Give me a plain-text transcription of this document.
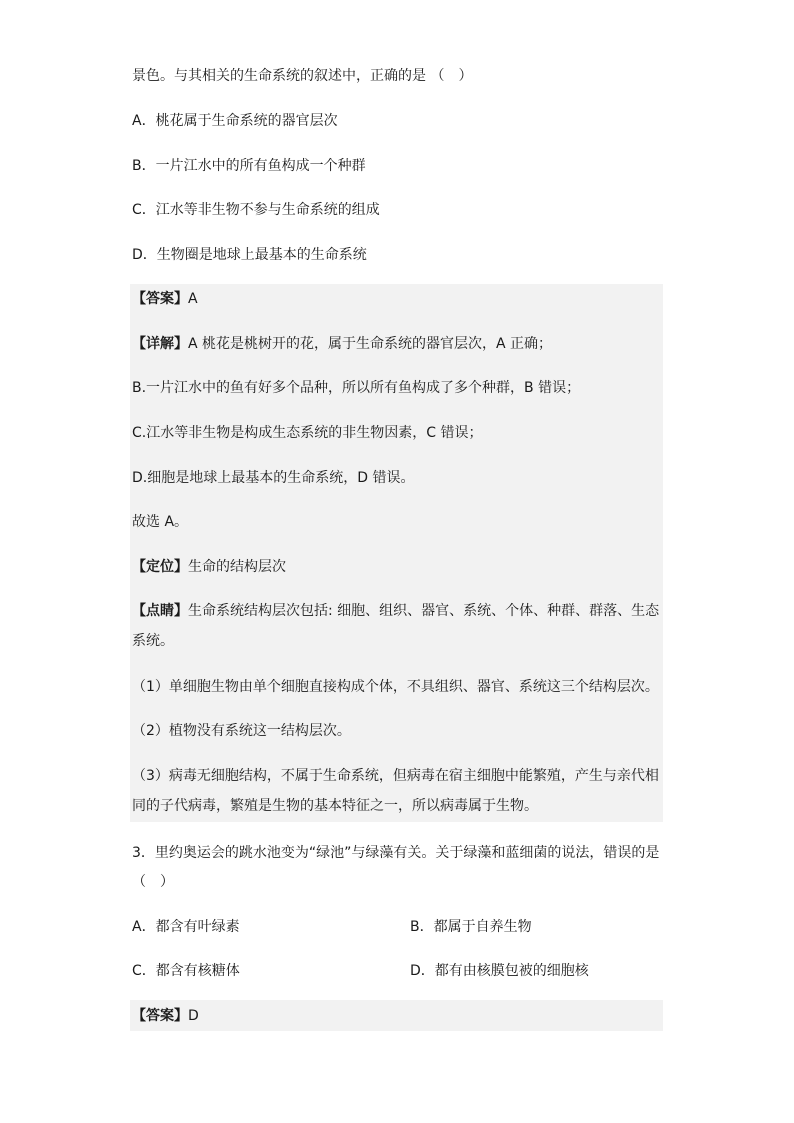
景色。与其相关的生命系统的叙述中，正确的是 （　）
A．桃花属于生命系统的器官层次
B．一片江水中的所有鱼构成一个种群
C．江水等非生物不参与生命系统的组成
D．生物圈是地球上最基本的生命系统
【答案】A
【详解】A 桃花是桃树开的花，属于生命系统的器官层次，A 正确；
B.一片江水中的鱼有好多个品种，所以所有鱼构成了多个种群，B 错误；
C.江水等非生物是构成生态系统的非生物因素，C 错误；
D.细胞是地球上最基本的生命系统，D 错误。
故选 A。
【定位】生命的结构层次
【点睛】生命系统结构层次包括: 细胞、组织、器官、系统、个体、种群、群落、生态
系统。
（1）单细胞生物由单个细胞直接构成个体，不具组织、器官、系统这三个结构层次。
（2）植物没有系统这一结构层次。
（3）病毒无细胞结构，不属于生命系统，但病毒在宿主细胞中能繁殖，产生与亲代相
同的子代病毒，繁殖是生物的基本特征之一，所以病毒属于生物。
3．里约奥运会的跳水池变为“绿池”与绿藻有关。关于绿藻和蓝细菌的说法，错误的是
（　）
A．都含有叶绿素	B．都属于自养生物
C．都含有核糖体	D．都有由核膜包被的细胞核
【答案】D
